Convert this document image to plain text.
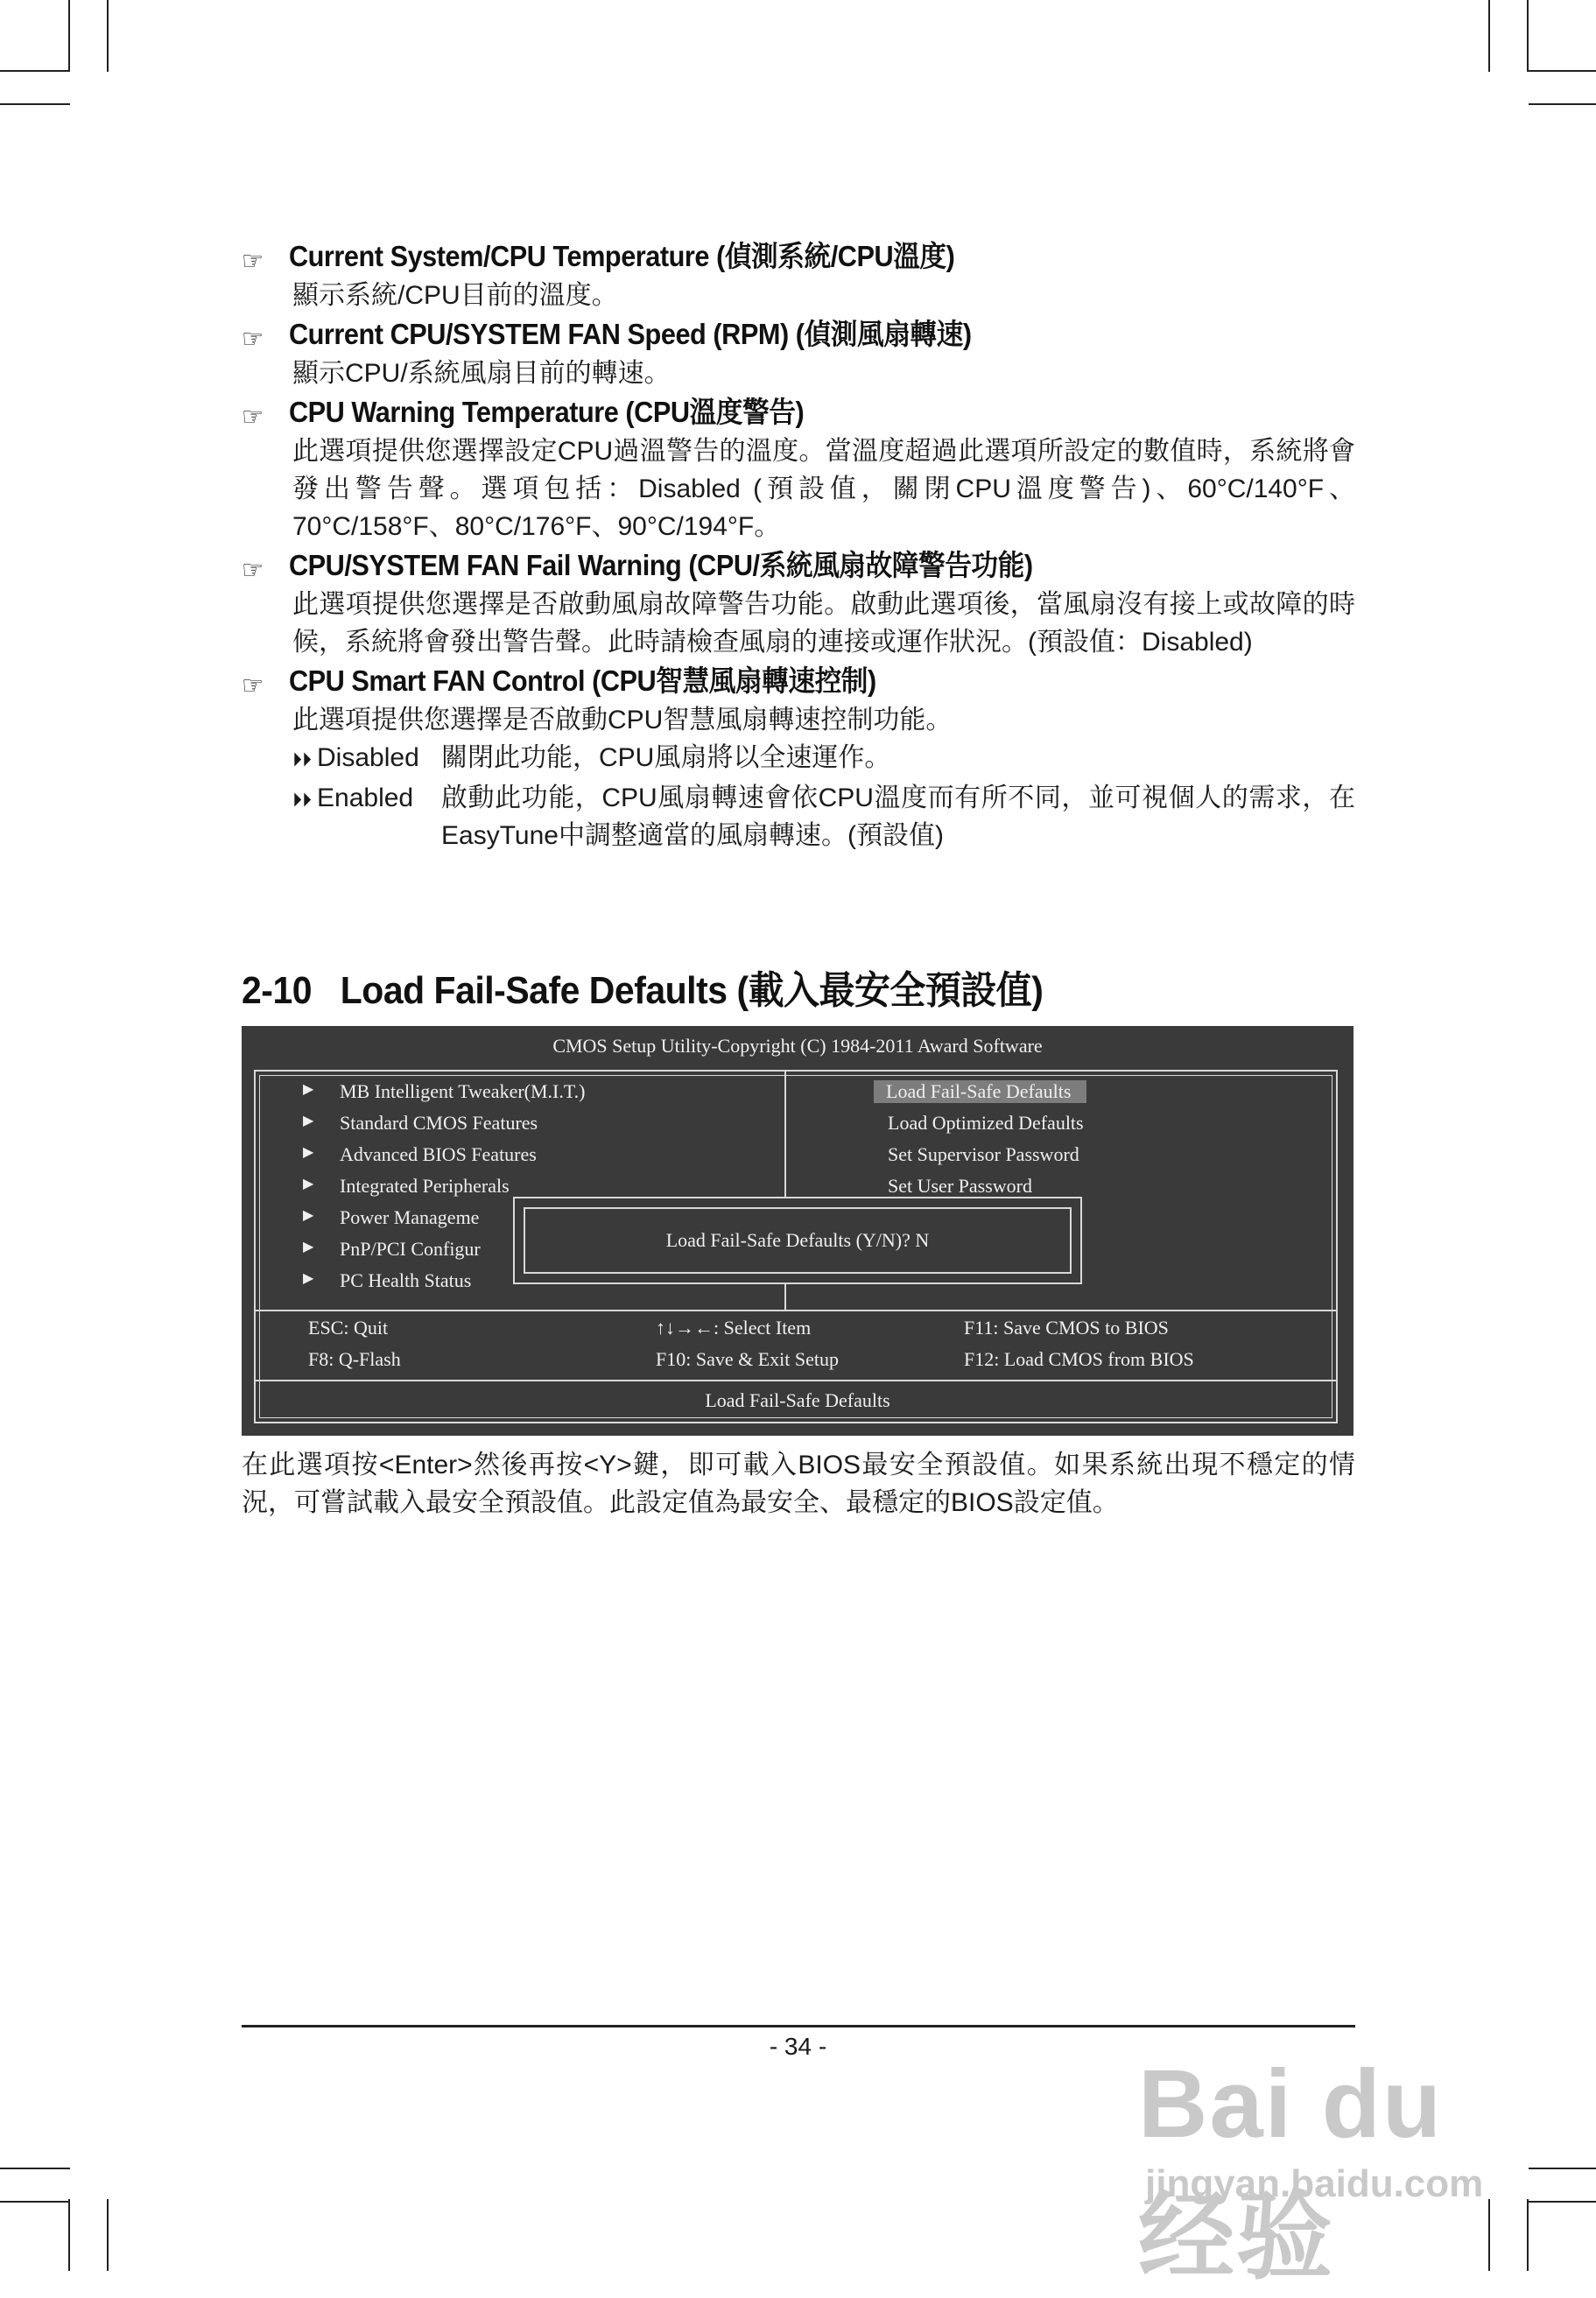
☞ Current System/CPU Temperature (偵測系統/CPU溫度)
顯示系統/CPU目前的溫度。
☞ Current CPU/SYSTEM FAN Speed (RPM) (偵測風扇轉速)
顯示CPU/系統風扇目前的轉速。
☞ CPU Warning Temperature (CPU溫度警告)
此選項提供您選擇設定CPU過溫警告的溫度。當溫度超過此選項所設定的數值時，系統將會發出警告聲。選項包括：Disabled (預設值，關閉CPU溫度警告)、60°C/140°F、70°C/158°F、80°C/176°F、90°C/194°F。
☞ CPU/SYSTEM FAN Fail Warning (CPU/系統風扇故障警告功能)
此選項提供您選擇是否啟動風扇故障警告功能。啟動此選項後，當風扇沒有接上或故障的時候，系統將會發出警告聲。此時請檢查風扇的連接或運作狀況。(預設值：Disabled)
☞ CPU Smart FAN Control (CPU智慧風扇轉速控制)
此選項提供您選擇是否啟動CPU智慧風扇轉速控制功能。
⏵⏵ Disabled 關閉此功能，CPU風扇將以全速運作。
⏵⏵ Enabled	啟動此功能，CPU風扇轉速會依CPU溫度而有所不同，並可視個人的需求，在EasyTune中調整適當的風扇轉速。(預設值)
2-10   Load Fail-Safe Defaults (載入最安全預設值)
CMOS Setup Utility-Copyright (C) 1984-2011 Award Software
▶ MB Intelligent Tweaker(M.I.T.)
▶ Standard CMOS Features
▶ Advanced BIOS Features
▶ Integrated Peripherals
▶ Power Manageme
▶ PnP/PCI Configur
▶ PC Health Status
Load Fail-Safe Defaults
Load Optimized Defaults
Set Supervisor Password
Set User Password
Load Fail-Safe Defaults (Y/N)? N
ESC: Quit
F8: Q-Flash
↑↓→←: Select Item
F10: Save & Exit Setup
F11: Save CMOS to BIOS
F12: Load CMOS from BIOS
Load Fail-Safe Defaults
在此選項按<Enter>然後再按<Y>鍵，即可載入BIOS最安全預設值。如果系統出現不穩定的情況，可嘗試載入最安全預設值。此設定值為最安全、最穩定的BIOS設定值。
- 34 -
Bai du 经验
jingyan.baidu.com
